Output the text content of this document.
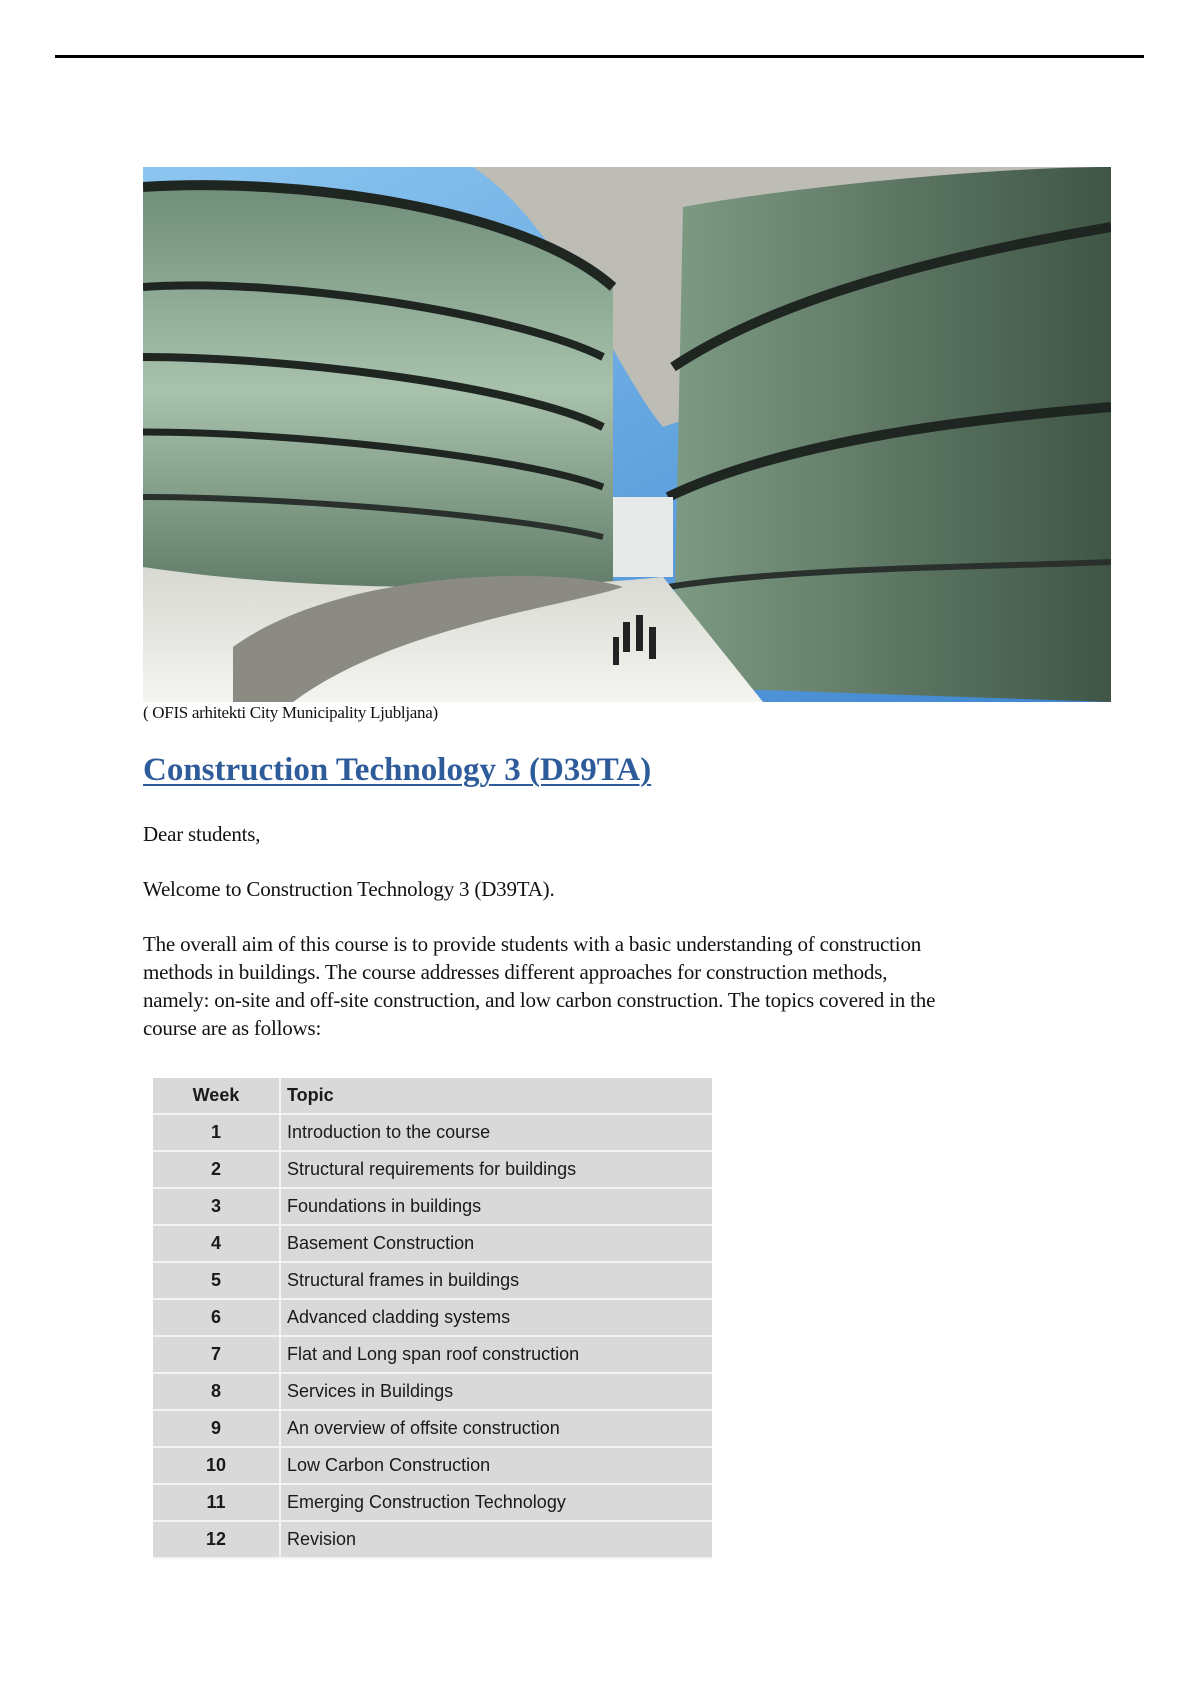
( OFIS arhitekti City Municipality Ljubljana)
Construction Technology 3 (D39TA)
Dear students,
Welcome to Construction Technology 3 (D39TA).
The overall aim of this course is to provide students with a basic understanding of construction
methods in buildings. The course addresses different approaches for construction methods,
namely: on-site and off-site construction, and low carbon construction. The topics covered in the
course are as follows:
Week	Topic
1	Introduction to the course
2	Structural requirements for buildings
3	Foundations in buildings
4	Basement Construction
5	Structural frames in buildings
6	Advanced cladding systems
7	Flat and Long span roof construction
8	Services in Buildings
9	An overview of offsite construction
10	Low Carbon Construction
11	Emerging Construction Technology
12	Revision
